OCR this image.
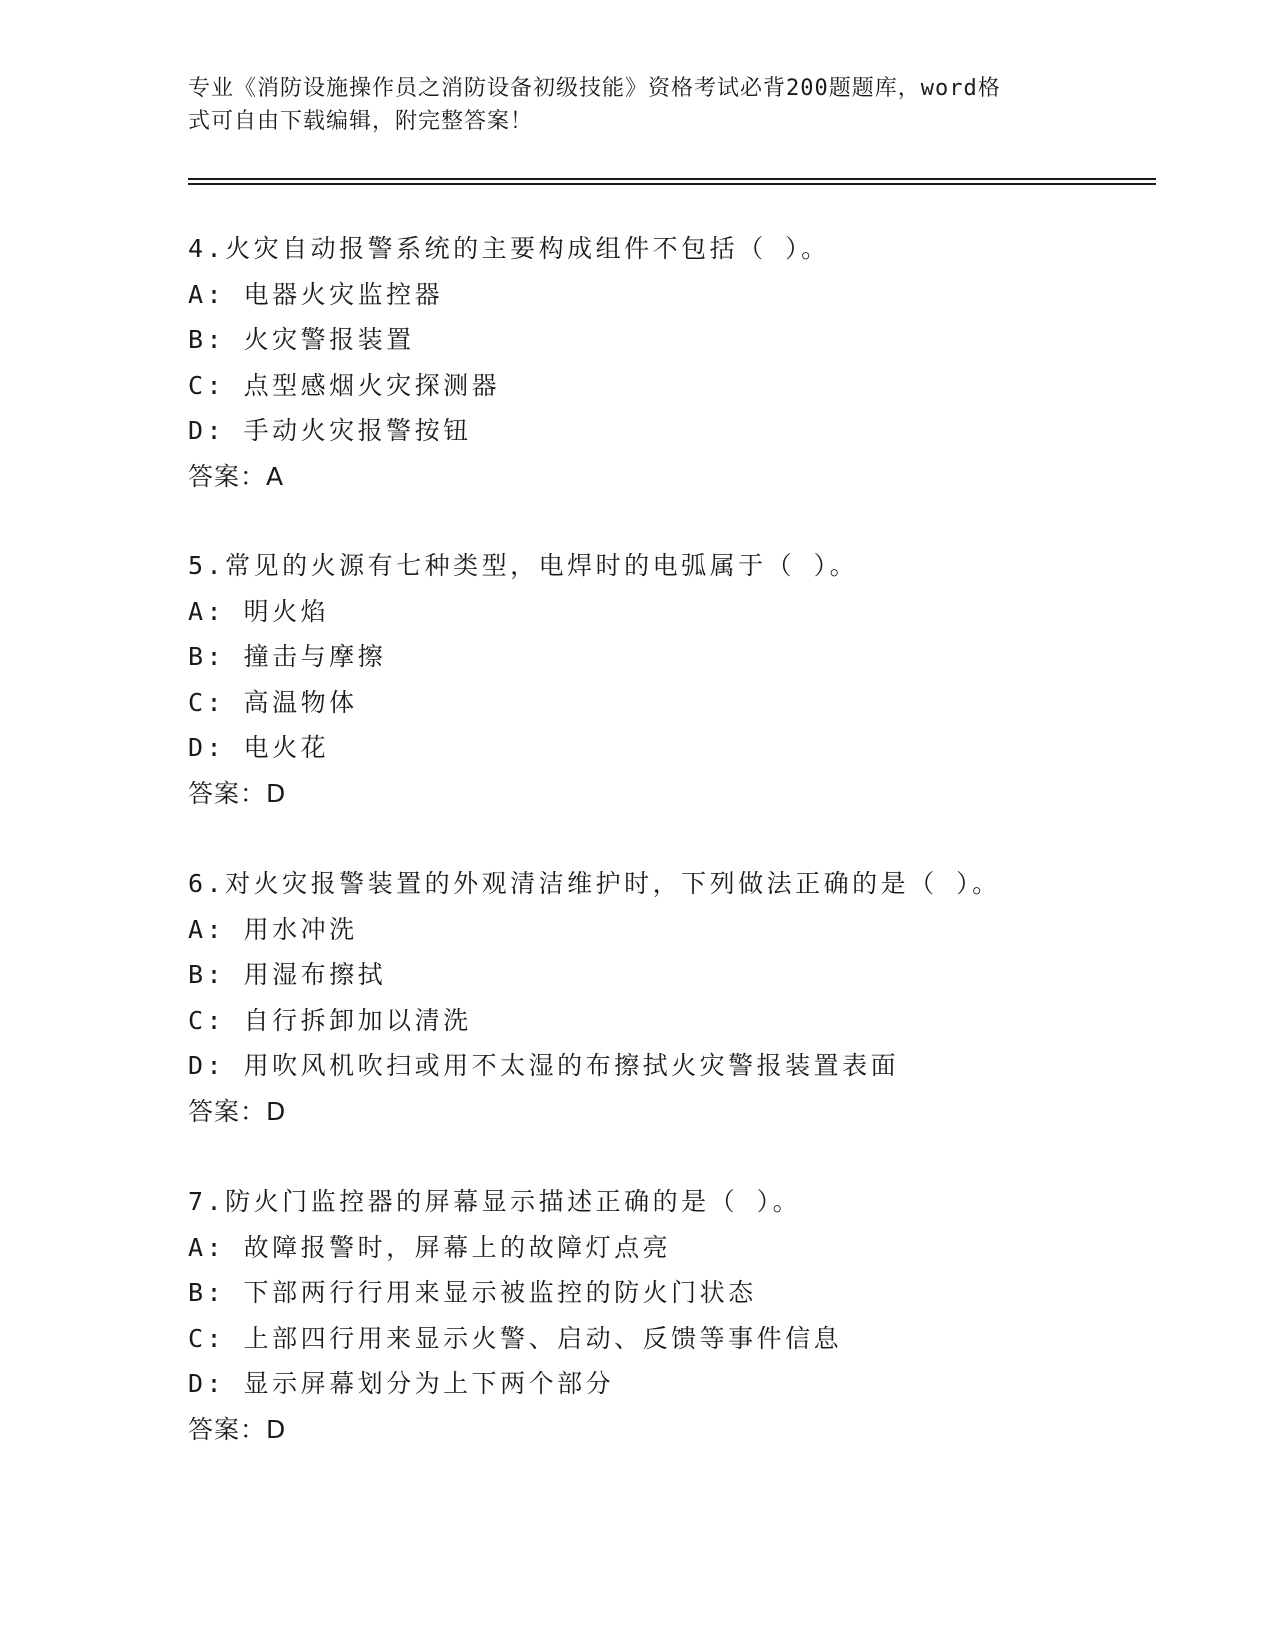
专业《消防设施操作员之消防设备初级技能》资格考试必背200题题库，word格
式可自由下载编辑，附完整答案！
4.火灾自动报警系统的主要构成组件不包括（ ）。
A: 电器火灾监控器
B: 火灾警报装置
C: 点型感烟火灾探测器
D: 手动火灾报警按钮
答案：A
5.常见的火源有七种类型，电焊时的电弧属于（ ）。
A: 明火焰
B: 撞击与摩擦
C: 高温物体
D: 电火花
答案：D
6.对火灾报警装置的外观清洁维护时，下列做法正确的是（ ）。
A: 用水冲洗
B: 用湿布擦拭
C: 自行拆卸加以清洗
D: 用吹风机吹扫或用不太湿的布擦拭火灾警报装置表面
答案：D
7.防火门监控器的屏幕显示描述正确的是（ ）。
A: 故障报警时，屏幕上的故障灯点亮
B: 下部两行行用来显示被监控的防火门状态
C: 上部四行用来显示火警、启动、反馈等事件信息
D: 显示屏幕划分为上下两个部分
答案：D
